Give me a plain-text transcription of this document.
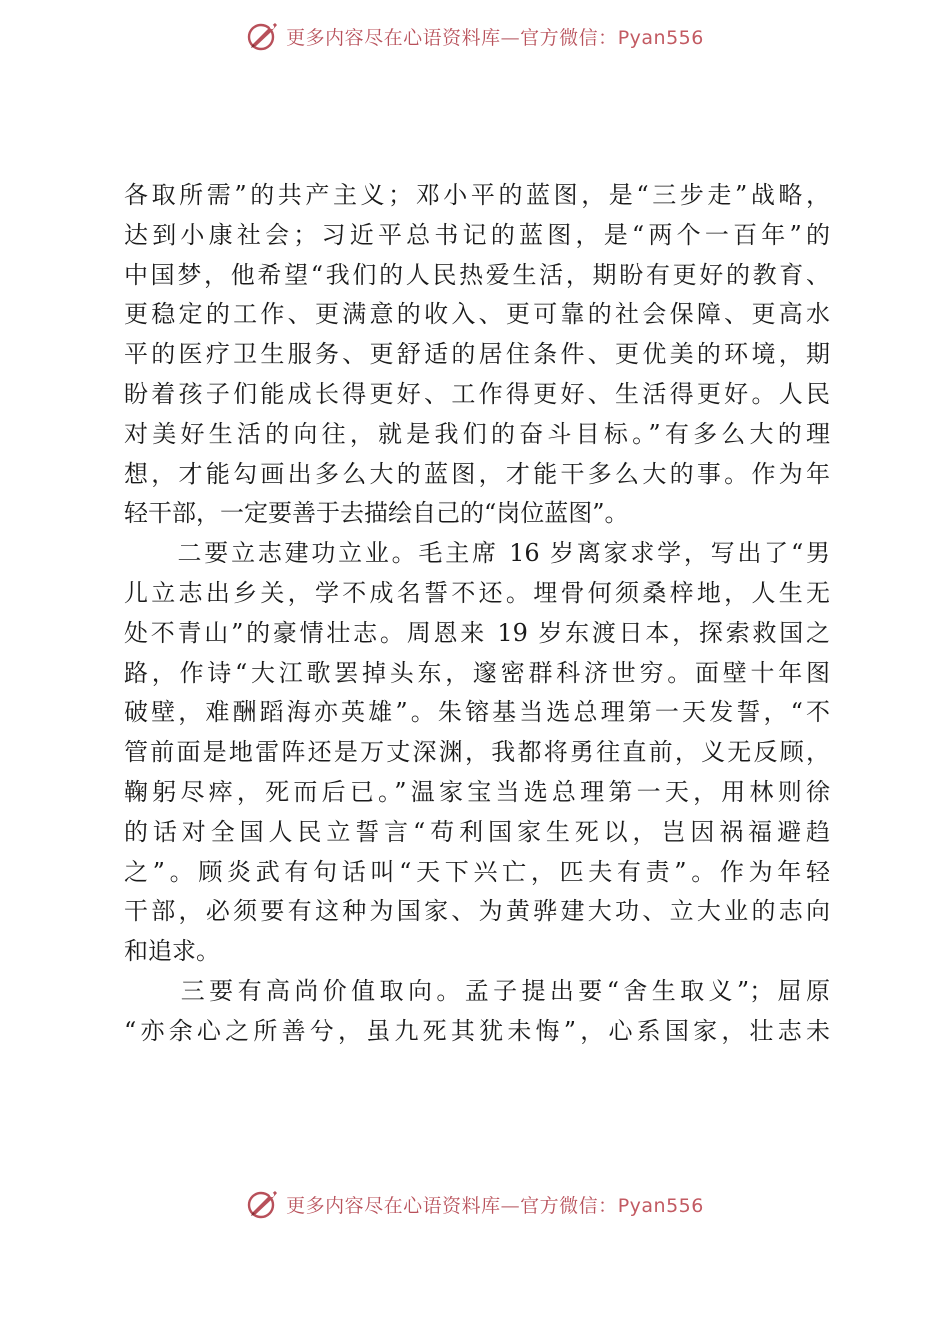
更多内容尽在心语资料库—官方微信：Pyan556
各取所需”的共产主义；邓小平的蓝图，是“三步走”战略，
达到小康社会；习近平总书记的蓝图，是“两个一百年”的
中国梦，他希望“我们的人民热爱生活，期盼有更好的教育、
更稳定的工作、更满意的收入、更可靠的社会保障、更高水
平的医疗卫生服务、更舒适的居住条件、更优美的环境，期
盼着孩子们能成长得更好、工作得更好、生活得更好。人民
对美好生活的向往，就是我们的奋斗目标。”有多么大的理
想，才能勾画出多么大的蓝图，才能干多么大的事。作为年
轻干部，一定要善于去描绘自己的“岗位蓝图”。
　　二要立志建功立业。毛主席 16 岁离家求学，写出了“男
儿立志出乡关，学不成名誓不还。埋骨何须桑梓地，人生无
处不青山”的豪情壮志。周恩来 19 岁东渡日本，探索救国之
路，作诗“大江歌罢掉头东，邃密群科济世穷。面壁十年图
破壁，难酬蹈海亦英雄”。朱镕基当选总理第一天发誓，“不
管前面是地雷阵还是万丈深渊，我都将勇往直前，义无反顾，
鞠躬尽瘁，死而后已。”温家宝当选总理第一天，用林则徐
的话对全国人民立誓言“苟利国家生死以，岂因祸福避趋
之”。顾炎武有句话叫“天下兴亡，匹夫有责”。作为年轻
干部，必须要有这种为国家、为黄骅建大功、立大业的志向
和追求。
　　三要有高尚价值取向。孟子提出要“舍生取义”；屈原
“亦余心之所善兮，虽九死其犹未悔”，心系国家，壮志未
更多内容尽在心语资料库—官方微信：Pyan556
